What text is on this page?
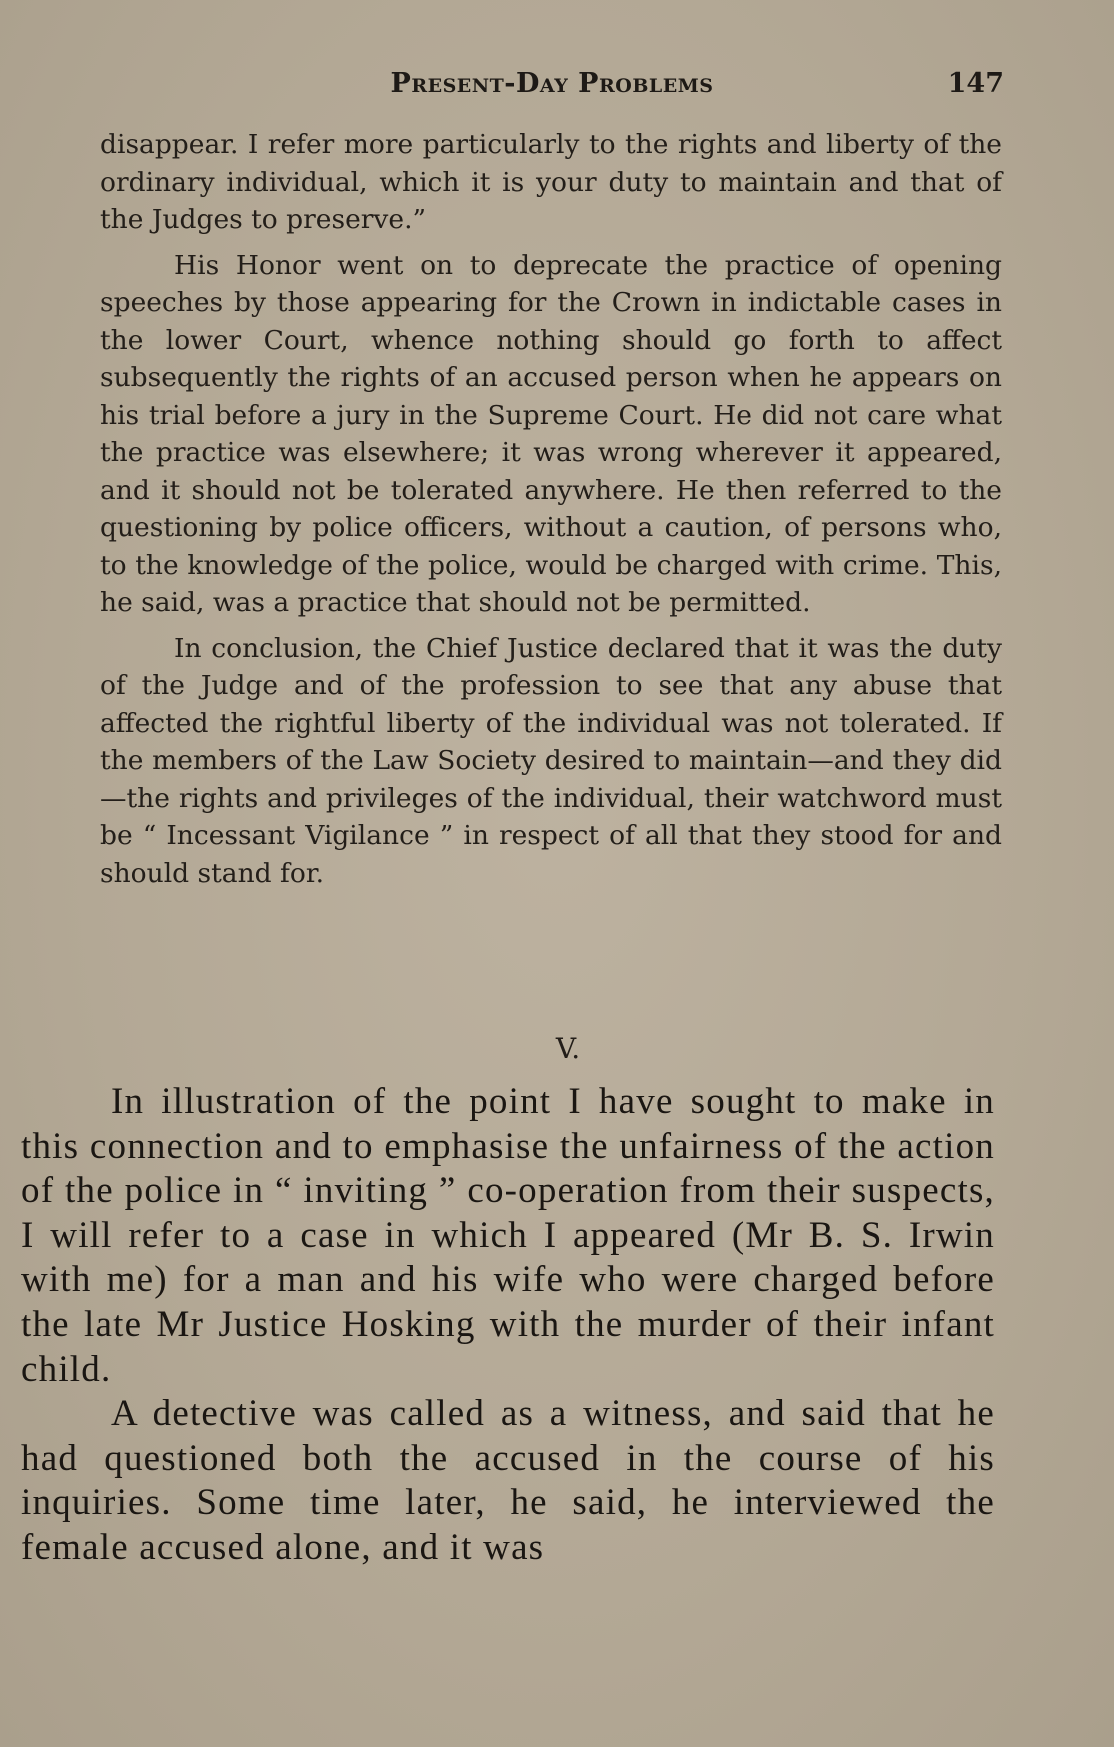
Present-Day Problems	147

disappear. I refer more particularly to the rights and liberty of the ordinary individual, which it is your duty to maintain and that of the Judges to preserve.”

His Honor went on to deprecate the practice of opening speeches by those appearing for the Crown in indictable cases in the lower Court, whence nothing should go forth to affect subsequently the rights of an accused person when he appears on his trial before a jury in the Supreme Court. He did not care what the practice was elsewhere; it was wrong wherever it appeared, and it should not be tolerated anywhere. He then referred to the questioning by police officers, without a caution, of persons who, to the knowledge of the police, would be charged with crime. This, he said, was a practice that should not be permitted.

In conclusion, the Chief Justice declared that it was the duty of the Judge and of the profession to see that any abuse that affected the rightful liberty of the individual was not tolerated. If the members of the Law Society desired to maintain—and they did—the rights and privileges of the individual, their watchword must be “ Incessant Vigilance ” in respect of all that they stood for and should stand for.

V.

In illustration of the point I have sought to make in this connection and to emphasise the unfairness of the action of the police in “ inviting ” co-operation from their suspects, I will refer to a case in which I appeared (Mr B. S. Irwin with me) for a man and his wife who were charged before the late Mr Justice Hosking with the murder of their infant child.

A detective was called as a witness, and said that he had questioned both the accused in the course of his inquiries. Some time later, he said, he interviewed the female accused alone, and it was
